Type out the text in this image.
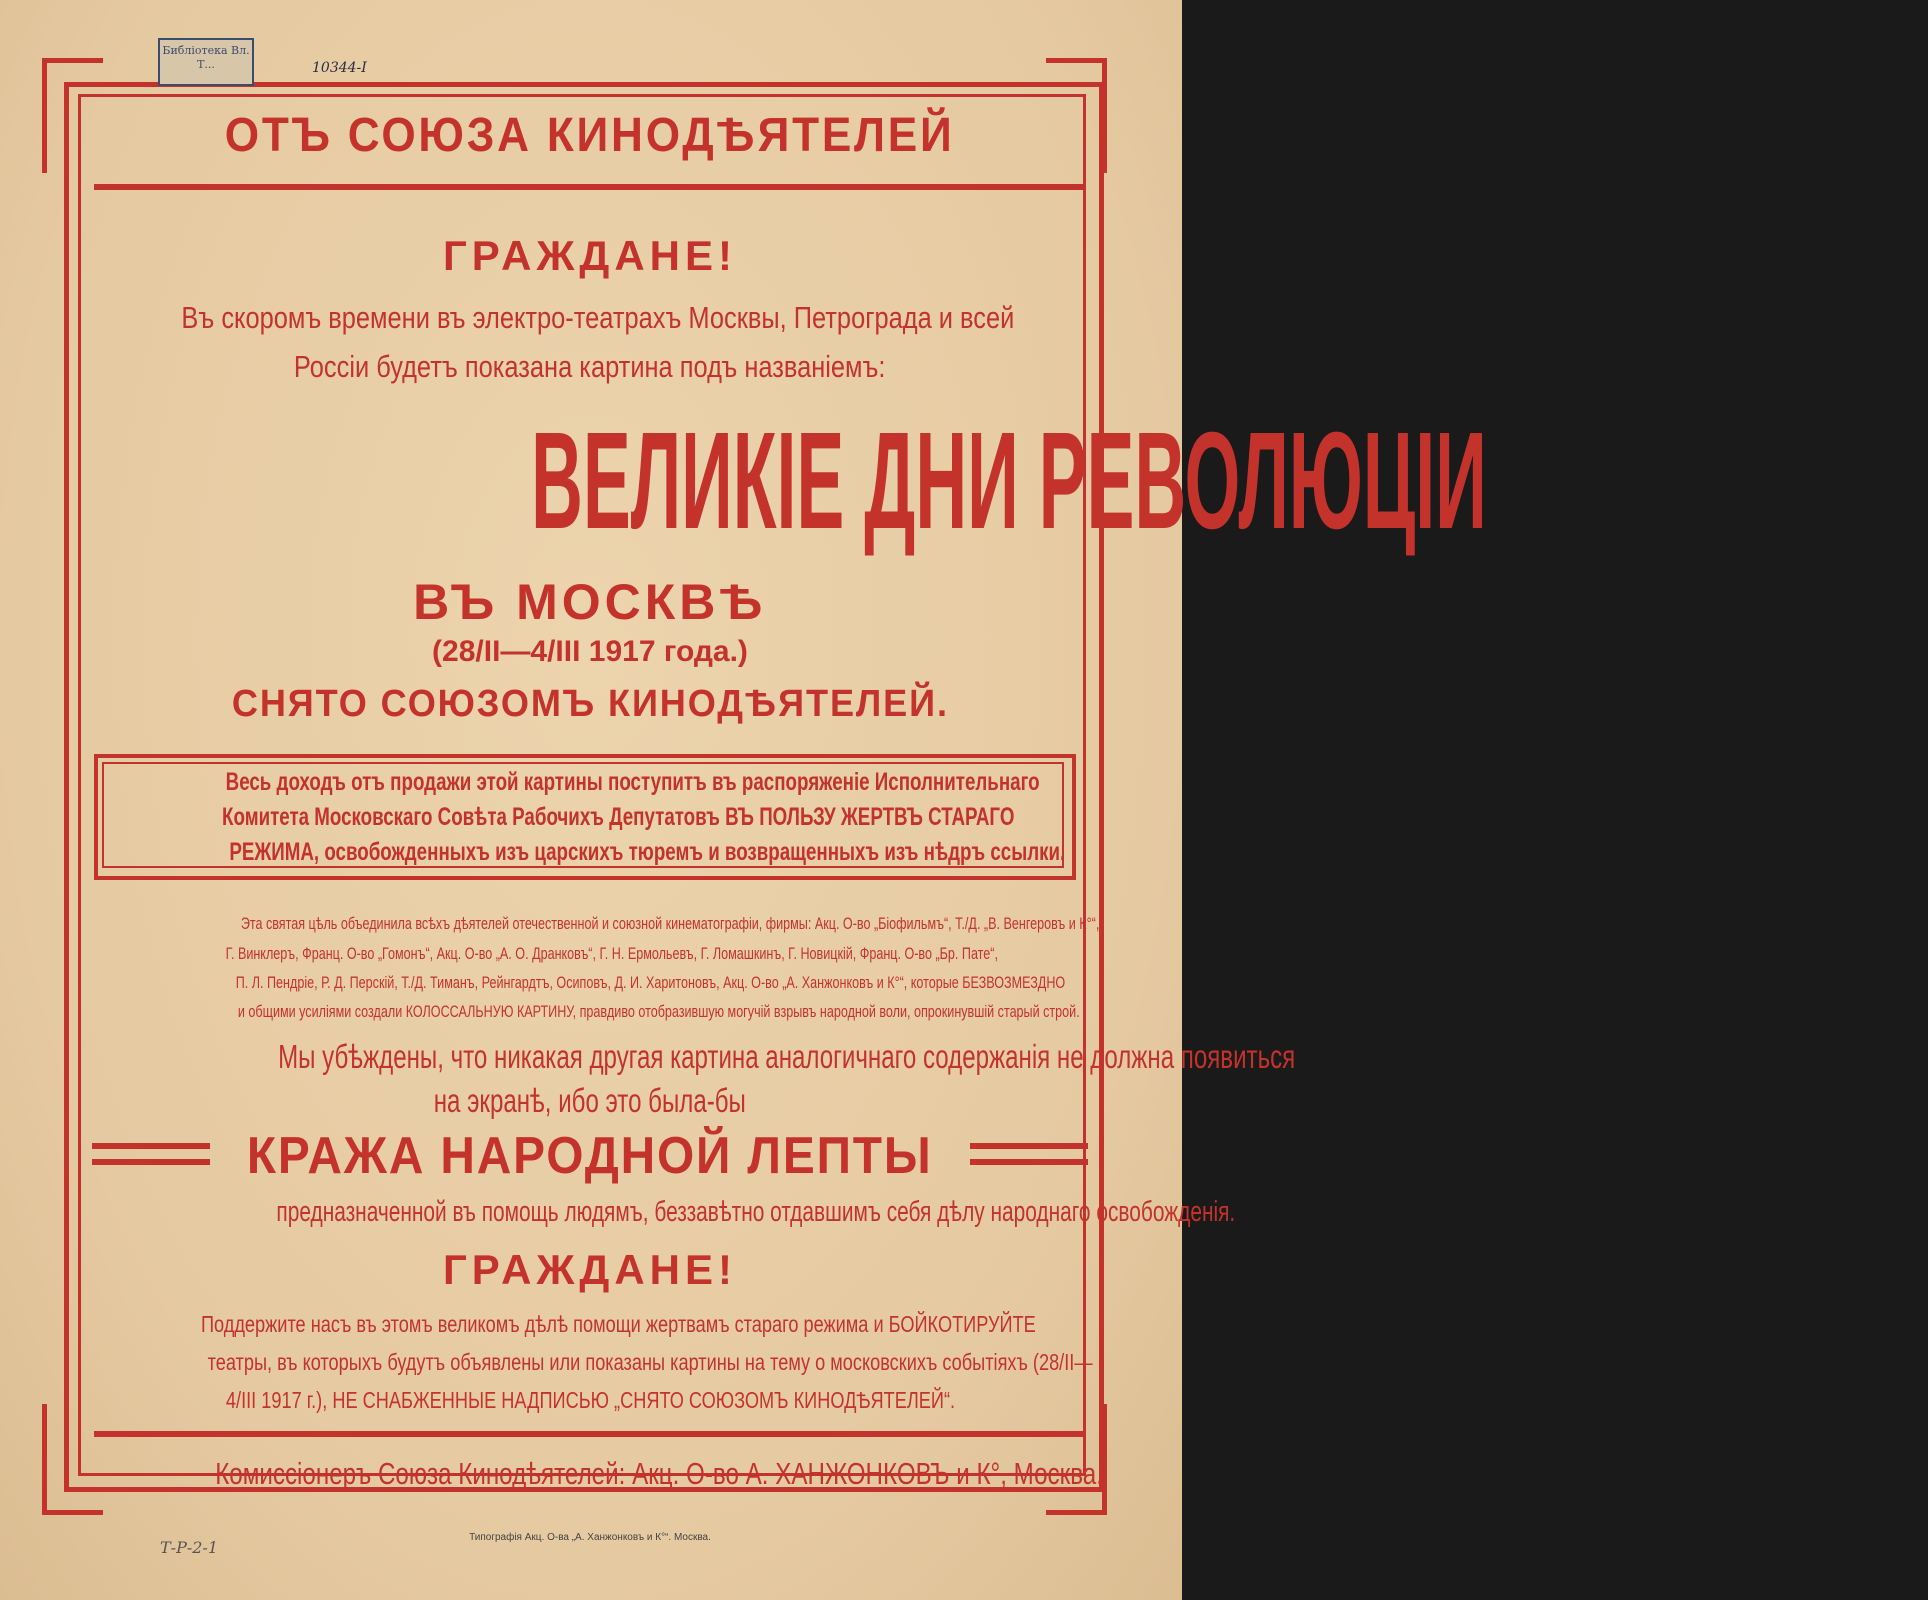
Библіотека Вл. Т...	10344-I
Т-Р-2-1
ОТЪ СОЮЗА КИНОДѢЯТЕЛЕЙ
ГРАЖДАНЕ!
Въ скоромъ времени въ электро-театрахъ Москвы, Петрограда и всей
Россіи будетъ показана картина подъ названіемъ:
ВЕЛИКІЕ ДНИ РЕВОЛЮЦІИ
ВЪ МОСКВѢ
(28/II—4/III 1917 года.)
СНЯТО СОЮЗОМЪ КИНОДѢЯТЕЛЕЙ.
Весь доходъ отъ продажи этой картины поступитъ въ распоряженіе Исполнительнаго
Комитета Московскаго Совѣта Рабочихъ Депутатовъ ВЪ ПОЛЬЗУ ЖЕРТВЪ СТАРАГО
РЕЖИМА, освобожденныхъ изъ царскихъ тюремъ и возвращенныхъ изъ нѣдръ ссылки.
Эта святая цѣль объединила всѣхъ дѣятелей отечественной и союзной кинематографіи, фирмы: Акц. О-во „Біофильмъ“, Т./Д. „В. Венгеровъ и К°“,
Г. Винклеръ, Франц. О-во „Гомонъ“, Акц. О-во „А. О. Дранковъ“, Г. Н. Ермольевъ, Г. Ломашкинъ, Г. Новицкій, Франц. О-во „Бр. Пате“,
П. Л. Пендріе, Р. Д. Перскій, Т./Д. Тиманъ, Рейнгардтъ, Осиповъ, Д. И. Харитоновъ, Акц. О-во „А. Ханжонковъ и К°“, которые БЕЗВОЗМЕЗДНО
и общими усиліями создали КОЛОССАЛЬНУЮ КАРТИНУ, правдиво отобразившую могучій взрывъ народной воли, опрокинувшій старый строй.
Мы убѣждены, что никакая другая картина аналогичнаго содержанія не должна появиться
на экранѣ, ибо это была-бы
КРАЖА НАРОДНОЙ ЛЕПТЫ
предназначенной въ помощь людямъ, беззавѣтно отдавшимъ себя дѣлу народнаго освобожденія.
ГРАЖДАНЕ!
Поддержите насъ въ этомъ великомъ дѣлѣ помощи жертвамъ стараго режима и БОЙКОТИРУЙТЕ
театры, въ которыхъ будутъ объявлены или показаны картины на тему о московскихъ событіяхъ (28/II—
4/III 1917 г.), НЕ СНАБЖЕННЫЕ НАДПИСЬЮ „СНЯТО СОЮЗОМЪ КИНОДѢЯТЕЛЕЙ“.
Комиссіонеръ Союза Кинодѣятелей: Акц. О-во А. ХАНЖОНКОВЪ и К°, Москва.
Типографія Акц. О-ва „А. Ханжонковъ и К°“. Москва.
